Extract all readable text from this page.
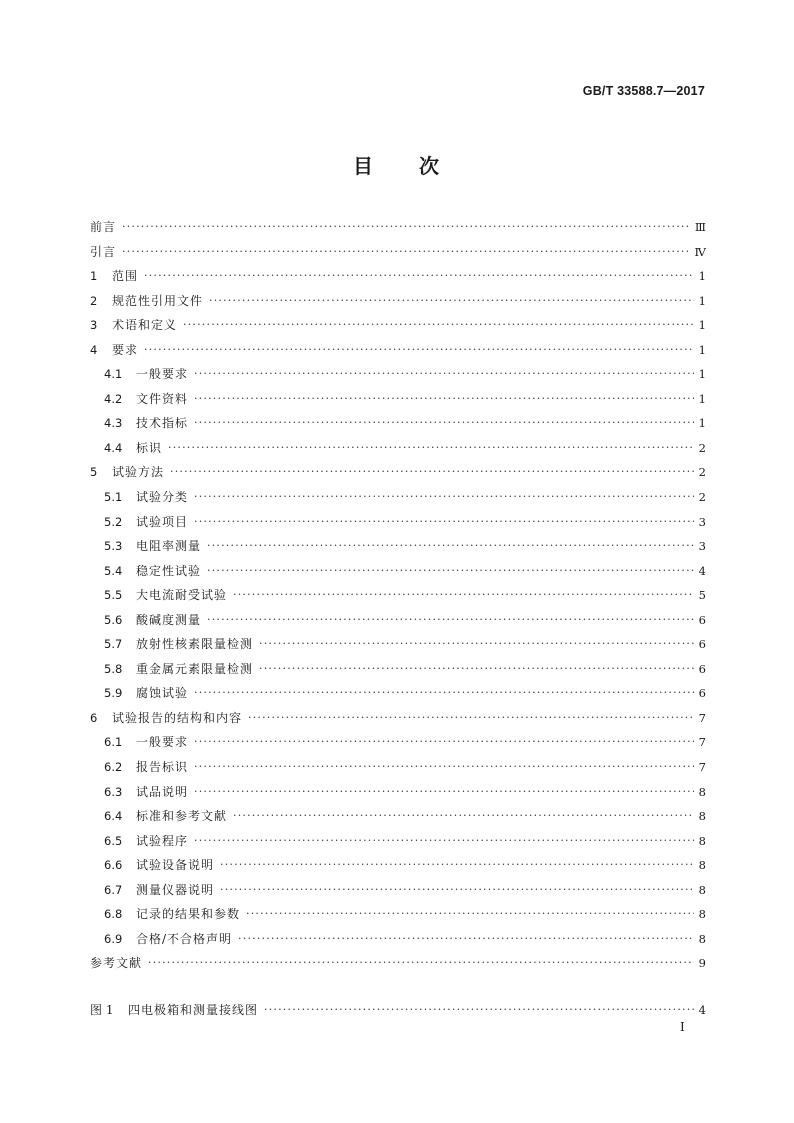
GB/T 33588.7—2017
目　　次
前言 ·····	Ⅲ
引言 ·····	Ⅳ
1	范围 ·····	1
2	规范性引用文件 ·····	1
3	术语和定义 ·····	1
4	要求 ·····	1
4.1	一般要求 ·····	1
4.2	文件资料 ·····	1
4.3	技术指标 ·····	1
4.4	标识 ·····	2
5	试验方法 ·····	2
5.1	试验分类 ·····	2
5.2	试验项目 ·····	3
5.3	电阻率测量 ·····	3
5.4	稳定性试验 ·····	4
5.5	大电流耐受试验 ·····	5
5.6	酸碱度测量 ·····	6
5.7	放射性核素限量检测 ·····	6
5.8	重金属元素限量检测 ·····	6
5.9	腐蚀试验 ·····	6
6	试验报告的结构和内容 ·····	7
6.1	一般要求 ·····	7
6.2	报告标识 ·····	7
6.3	试品说明 ·····	8
6.4	标准和参考文献 ·····	8
6.5	试验程序 ·····	8
6.6	试验设备说明 ·····	8
6.7	测量仪器说明 ·····	8
6.8	记录的结果和参数 ·····	8
6.9	合格/不合格声明 ·····	8
参考文献 ·····	9
图 1	四电极箱和测量接线图 ·····	4
Ⅰ
